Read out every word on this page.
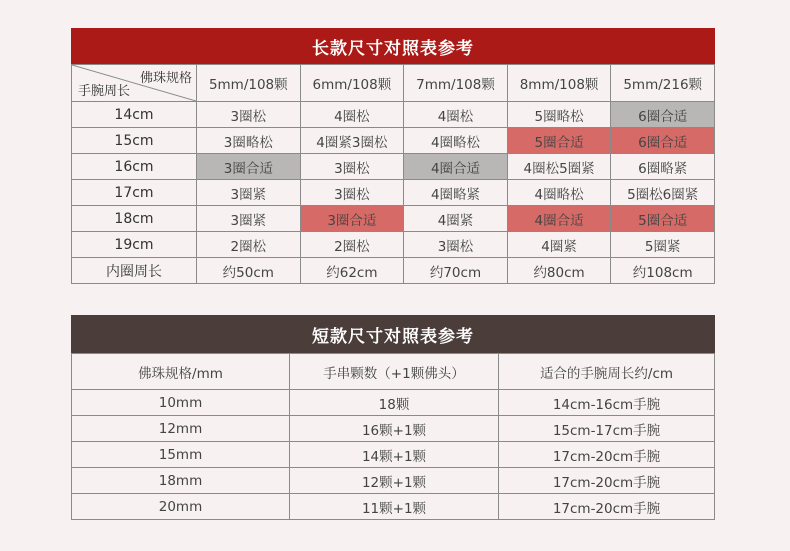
长款尺寸对照表参考
佛珠规格
手腕周长	5mm/108颗	6mm/108颗	7mm/108颗	8mm/108颗	5mm/216颗
14cm	3圈松	4圈松	4圈松	5圈略松	6圈合适
15cm	3圈略松	4圈紧3圈松	4圈略松	5圈合适	6圈合适
16cm	3圈合适	3圈松	4圈合适	4圈松5圈紧	6圈略紧
17cm	3圈紧	3圈松	4圈略紧	4圈略松	5圈松6圈紧
18cm	3圈紧	3圈合适	4圈紧	4圈合适	5圈合适
19cm	2圈松	2圈松	3圈松	4圈紧	5圈紧
内圈周长	约50cm	约62cm	约70cm	约80cm	约108cm
短款尺寸对照表参考
佛珠规格/mm	手串颗数（+1颗佛头）	适合的手腕周长约/cm
10mm	18颗	14cm-16cm手腕
12mm	16颗+1颗	15cm-17cm手腕
15mm	14颗+1颗	17cm-20cm手腕
18mm	12颗+1颗	17cm-20cm手腕
20mm	11颗+1颗	17cm-20cm手腕
